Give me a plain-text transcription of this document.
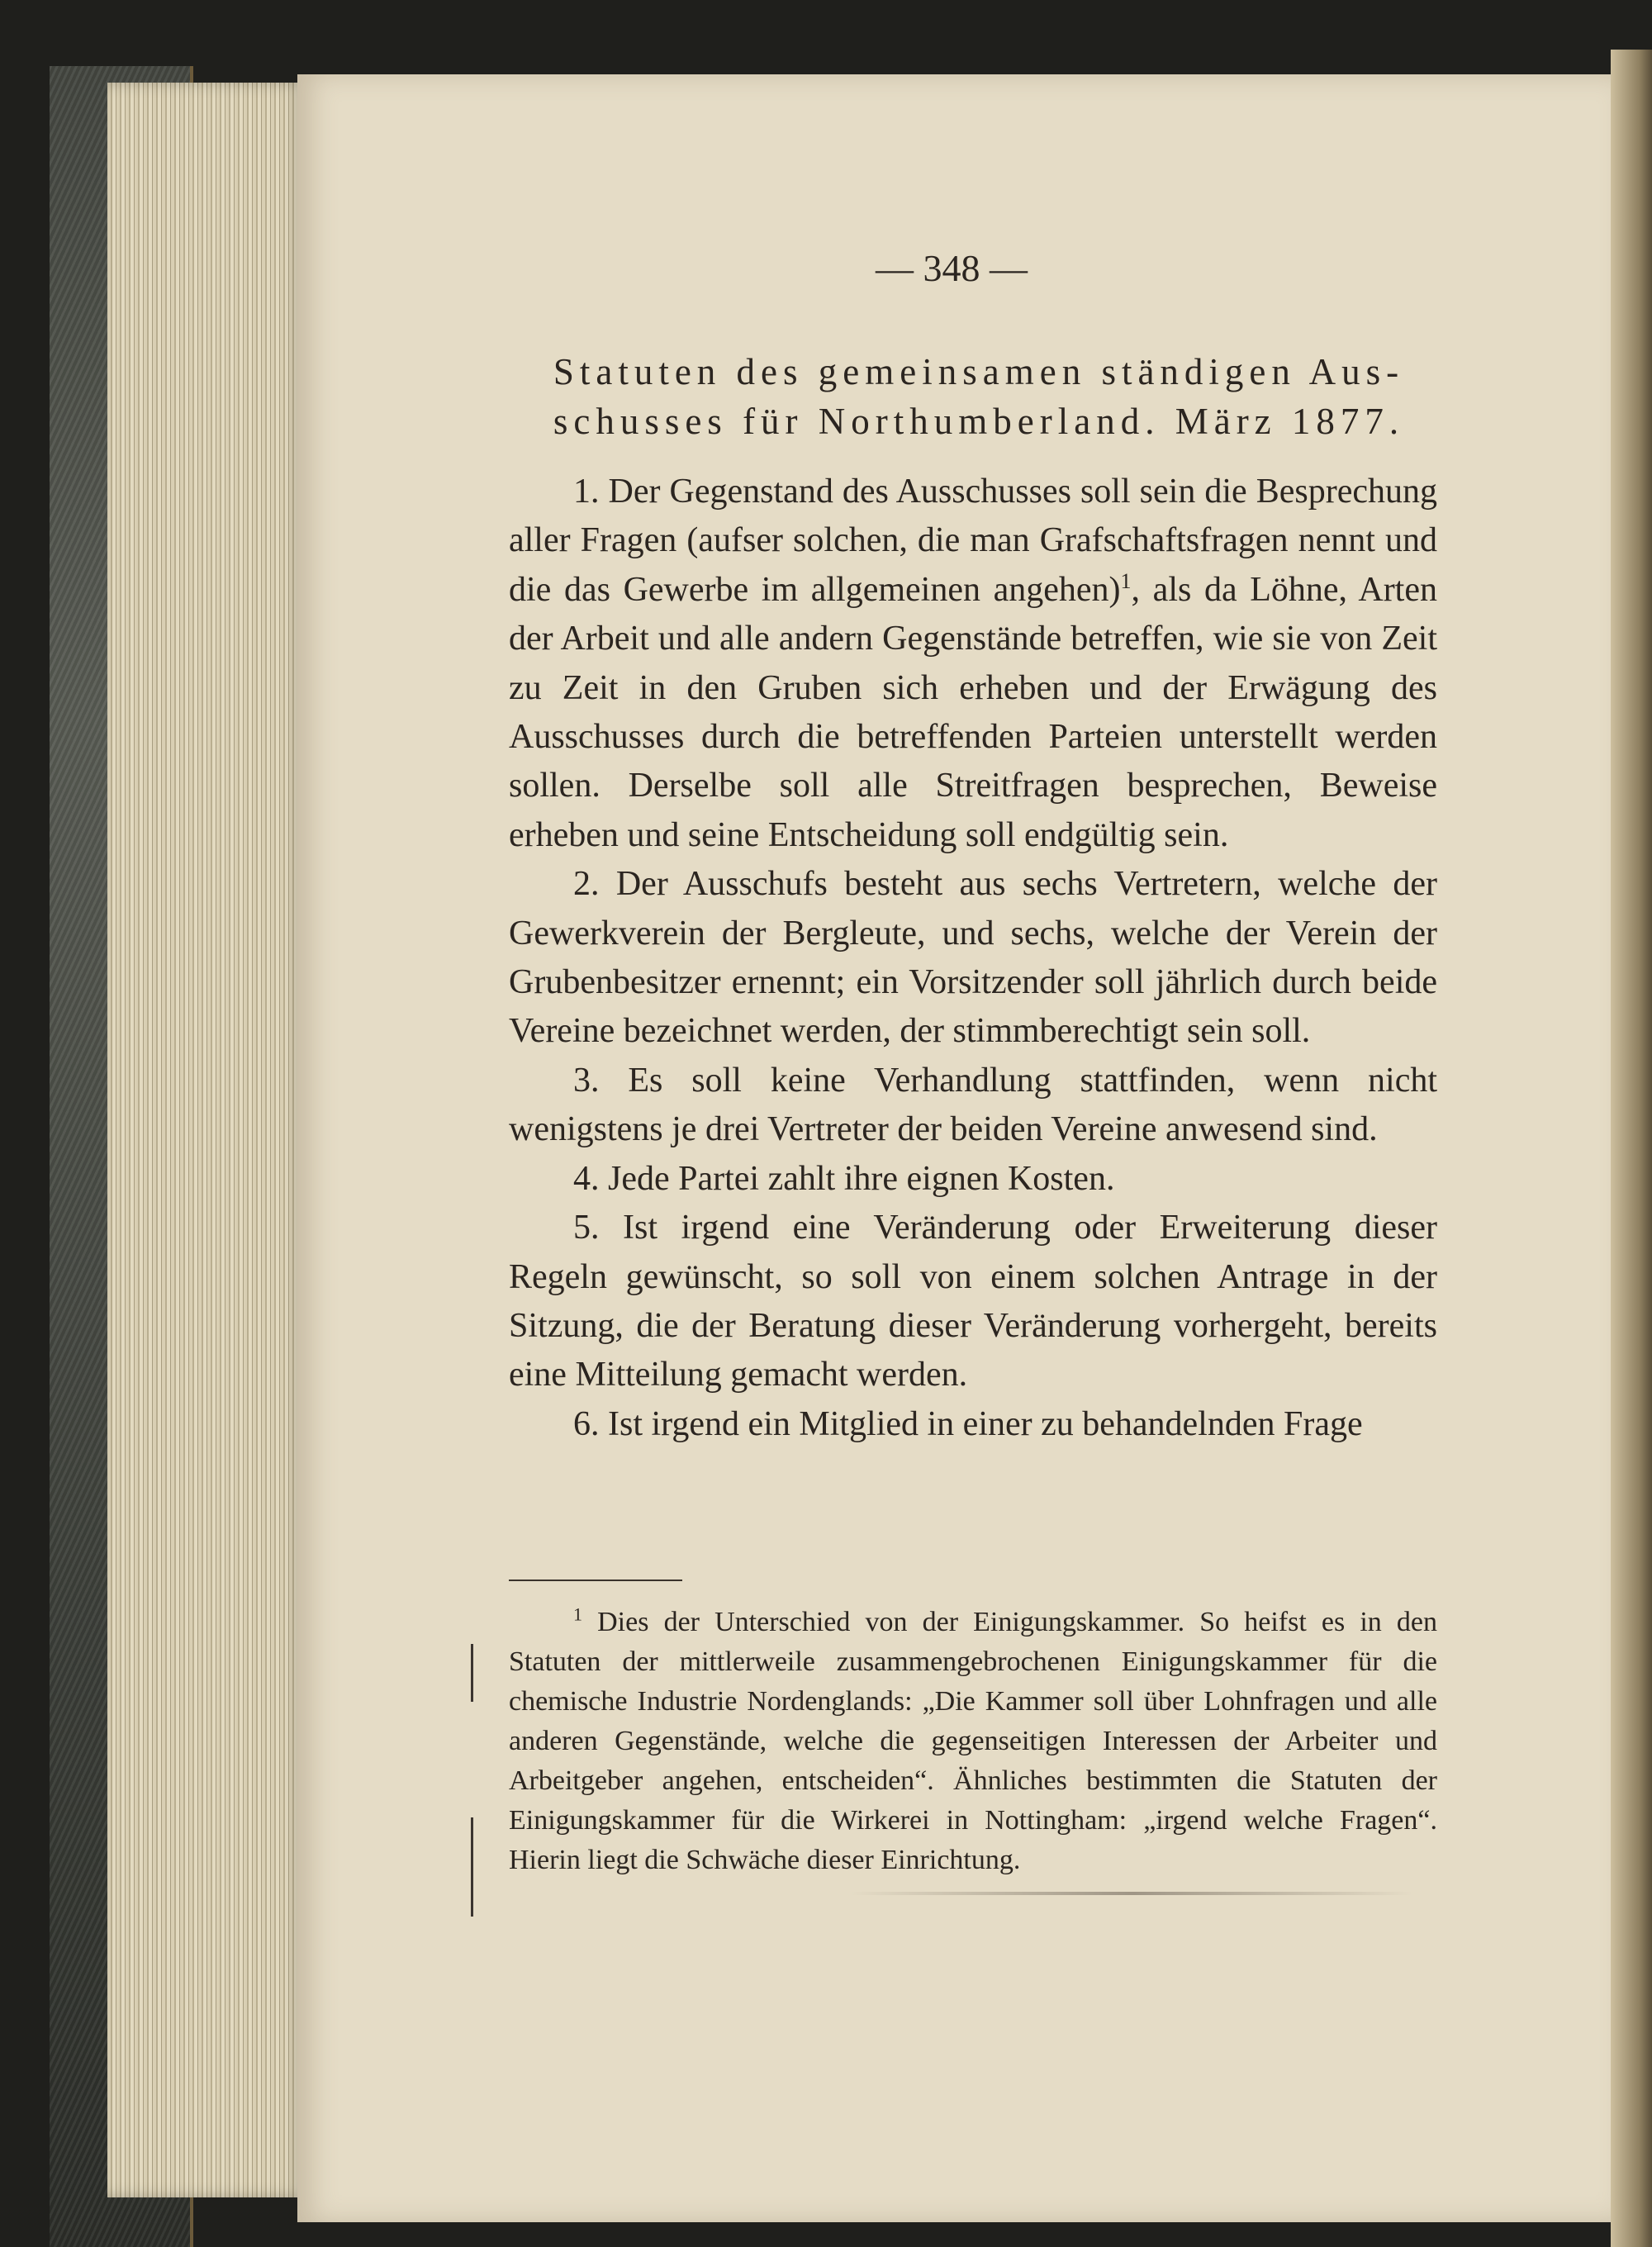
— 348 —
Statuten des gemeinsamen ständigen Aus-
schusses für Northumberland. März 1877.

1. Der Gegenstand des Ausschusses soll sein die Besprechung aller Fragen (aufser solchen, die man Grafschaftsfragen nennt und die das Gewerbe im allgemeinen angehen)$^1$, als da Löhne, Arten der Arbeit und alle andern Gegenstände betreffen, wie sie von Zeit zu Zeit in den Gruben sich erheben und der Erwägung des Ausschusses durch die betreffenden Parteien unterstellt werden sollen. Derselbe soll alle Streitfragen besprechen, Beweise erheben und seine Entscheidung soll endgültig sein.

2. Der Ausschufs besteht aus sechs Vertretern, welche der Gewerkverein der Bergleute, und sechs, welche der Verein der Grubenbesitzer ernennt; ein Vorsitzender soll jährlich durch beide Vereine bezeichnet werden, der stimmberechtigt sein soll.

3. Es soll keine Verhandlung stattfinden, wenn nicht wenigstens je drei Vertreter der beiden Vereine anwesend sind.

4. Jede Partei zahlt ihre eignen Kosten.

5. Ist irgend eine Veränderung oder Erweiterung dieser Regeln gewünscht, so soll von einem solchen Antrage in der Sitzung, die der Beratung dieser Veränderung vorhergeht, bereits eine Mitteilung gemacht werden.

6. Ist irgend ein Mitglied in einer zu behandelnden Frage

$^1$ Dies der Unterschied von der Einigungskammer. So heifst es in den Statuten der mittlerweile zusammengebrochenen Einigungskammer für die chemische Industrie Nordenglands: „Die Kammer soll über Lohnfragen und alle anderen Gegenstände, welche die gegenseitigen Interessen der Arbeiter und Arbeitgeber angehen, entscheiden“. Ähnliches bestimmten die Statuten der Einigungskammer für die Wirkerei in Nottingham: „irgend welche Fragen“. Hierin liegt die Schwäche dieser Einrichtung.
